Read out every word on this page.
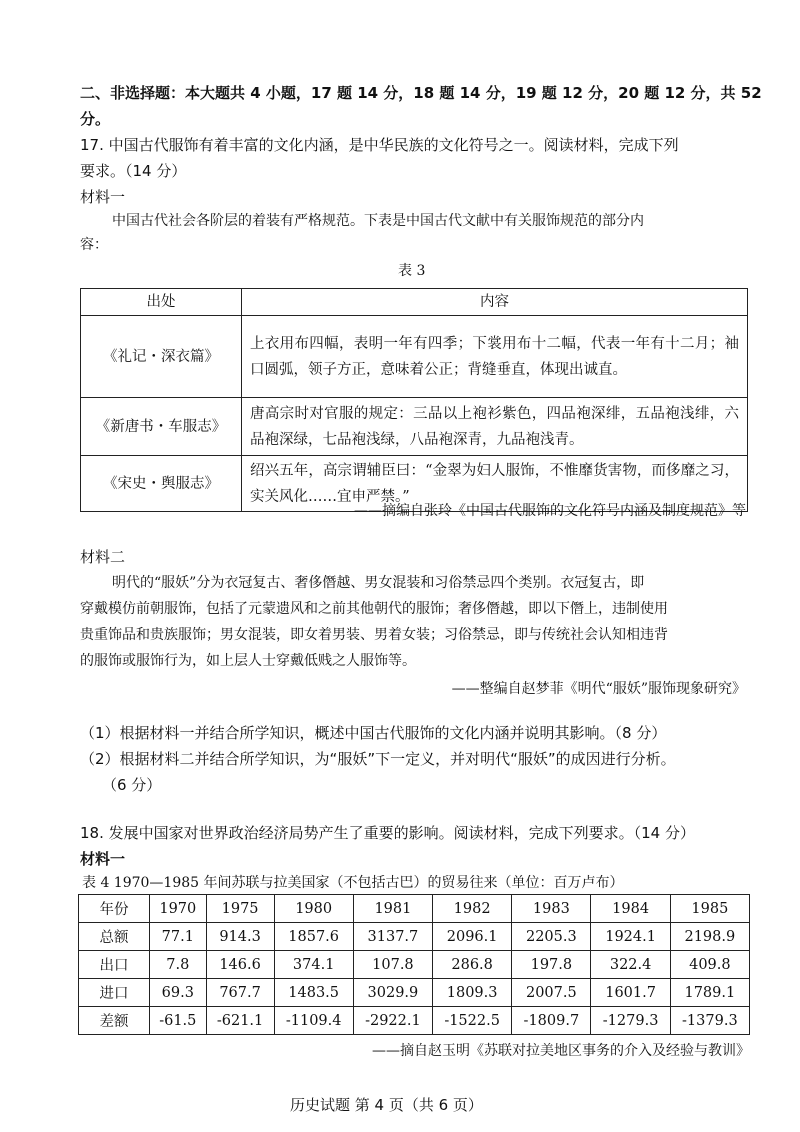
二、非选择题：本大题共 4 小题，17 题 14 分，18 题 14 分，19 题 12 分，20 题 12 分，共 52
分。
17. 中国古代服饰有着丰富的文化内涵，是中华民族的文化符号之一。阅读材料，完成下列
要求。（14 分）
材料一
中国古代社会各阶层的着装有严格规范。下表是中国古代文献中有关服饰规范的部分内
容：
表 3
出处	内容
《礼记・深衣篇》	上衣用布四幅，表明一年有四季；下裳用布十二幅，代表一年有十二月；袖口圆弧，领子方正，意味着公正；背缝垂直，体现出诚直。
《新唐书・车服志》	唐高宗时对官服的规定：三品以上袍衫紫色，四品袍深绯，五品袍浅绯，六品袍深绿，七品袍浅绿，八品袍深青，九品袍浅青。
《宋史・舆服志》	绍兴五年，高宗谓辅臣曰：“金翠为妇人服饰，不惟靡货害物，而侈靡之习，实关风化……宜申严禁。”
——摘编自张玲《中国古代服饰的文化符号内涵及制度规范》等
材料二
明代的“服妖”分为衣冠复古、奢侈僭越、男女混装和习俗禁忌四个类别。衣冠复古，即
穿戴模仿前朝服饰，包括了元蒙遗风和之前其他朝代的服饰；奢侈僭越，即以下僭上，违制使用
贵重饰品和贵族服饰；男女混装，即女着男装、男着女装；习俗禁忌，即与传统社会认知相违背
的服饰或服饰行为，如上层人士穿戴低贱之人服饰等。
——整编自赵梦菲《明代“服妖”服饰现象研究》
（1）根据材料一并结合所学知识，概述中国古代服饰的文化内涵并说明其影响。（8 分）
（2）根据材料二并结合所学知识，为“服妖”下一定义，并对明代“服妖”的成因进行分析。
（6 分）
18. 发展中国家对世界政治经济局势产生了重要的影响。阅读材料，完成下列要求。（14 分）
材料一
表 4 1970—1985 年间苏联与拉美国家（不包括古巴）的贸易往来（单位：百万卢布）
年份	1970	1975	1980	1981	1982	1983	1984	1985
总额	77.1	914.3	1857.6	3137.7	2096.1	2205.3	1924.1	2198.9
出口	7.8	146.6	374.1	107.8	286.8	197.8	322.4	409.8
进口	69.3	767.7	1483.5	3029.9	1809.3	2007.5	1601.7	1789.1
差额	-61.5	-621.1	-1109.4	-2922.1	-1522.5	-1809.7	-1279.3	-1379.3
——摘自赵玉明《苏联对拉美地区事务的介入及经验与教训》
历史试题 第 4 页（共 6 页）
